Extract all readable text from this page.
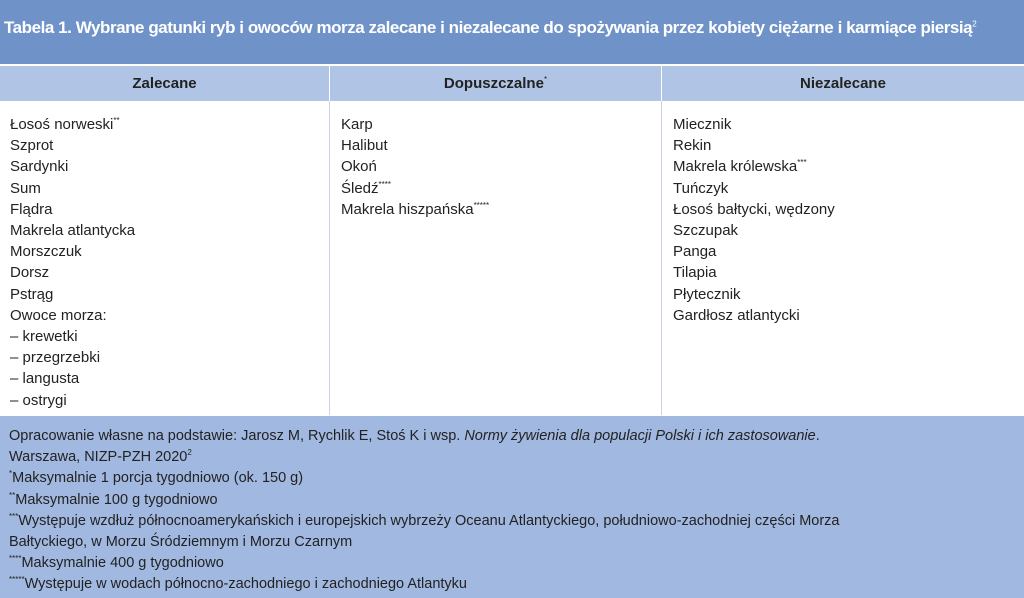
Tabela 1. Wybrane gatunki ryb i owoców morza zalecane i niezalecane do spożywania przez kobiety ciężarne i karmiące piersią$^2$
Zalecane	Dopuszczalne*	Niezalecane
Łosoś norweski**
Szprot
Sardynki
Sum
Flądra
Makrela atlantycka
Morszczuk
Dorsz
Pstrąg
Owoce morza:
– krewetki
– przegrzebki
– langusta
– ostrygi
Karp
Halibut
Okoń
Śledź****
Makrela hiszpańska*****
Miecznik
Rekin
Makrela królewska***
Tuńczyk
Łosoś bałtycki, wędzony
Szczupak
Panga
Tilapia
Płytecznik
Gardłosz atlantycki
Opracowanie własne na podstawie: Jarosz M, Rychlik E, Stoś K i wsp. Normy żywienia dla populacji Polski i ich zastosowanie.
Warszawa, NIZP-PZH 2020$^2$
*Maksymalnie 1 porcja tygodniowo (ok. 150 g)
**Maksymalnie 100 g tygodniowo
***Występuje wzdłuż północnoamerykańskich i europejskich wybrzeży Oceanu Atlantyckiego, południowo-zachodniej części Morza
Bałtyckiego, w Morzu Śródziemnym i Morzu Czarnym
****Maksymalnie 400 g tygodniowo
*****Występuje w wodach północno-zachodniego i zachodniego Atlantyku
